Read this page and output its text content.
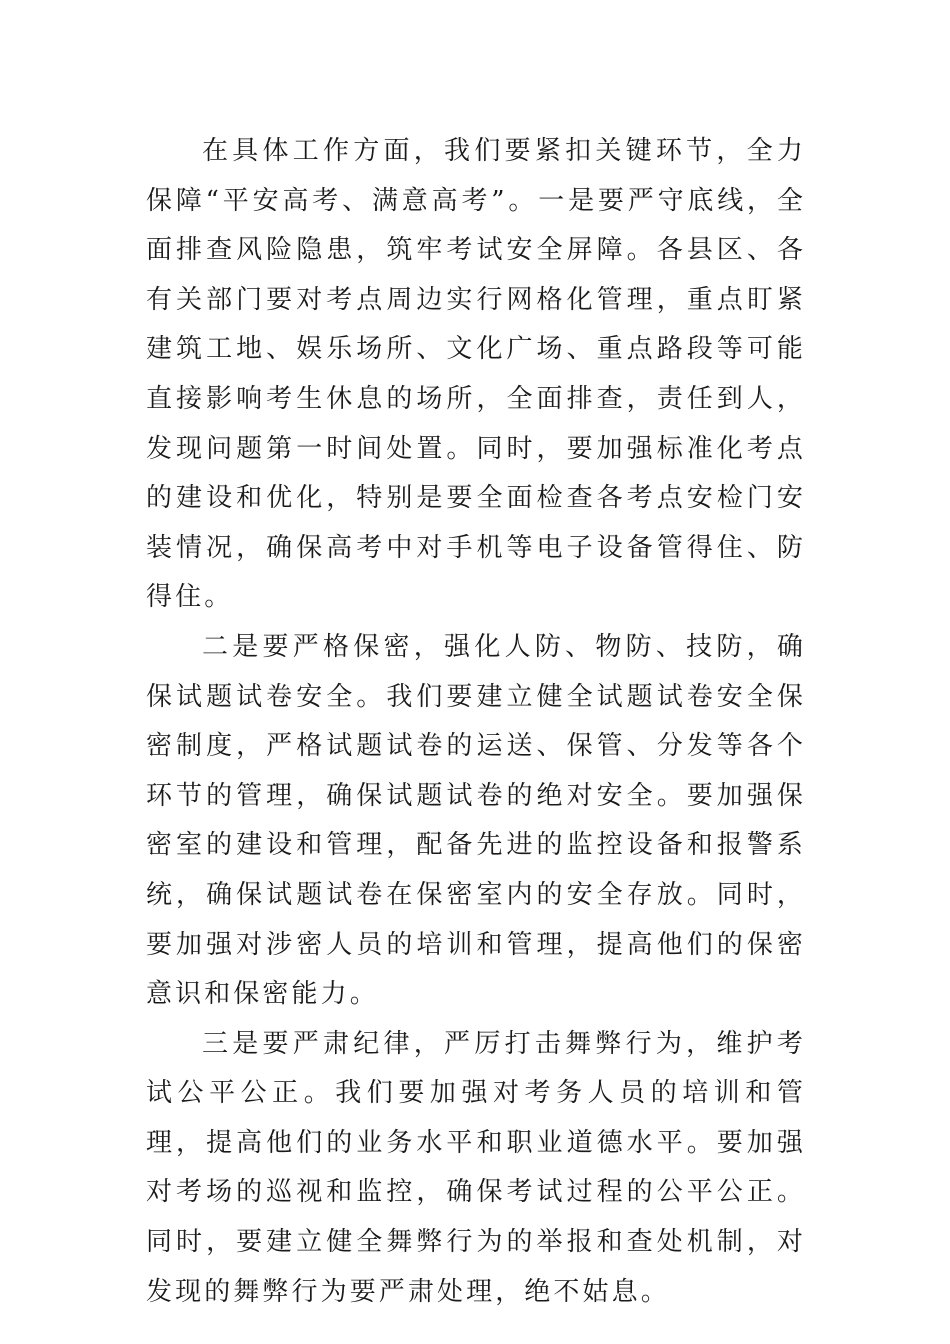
在具体工作方面，我们要紧扣关键环节，全力保障“平安高考、满意高考”。一是要严守底线，全面排查风险隐患，筑牢考试安全屏障。各县区、各有关部门要对考点周边实行网格化管理，重点盯紧建筑工地、娱乐场所、文化广场、重点路段等可能直接影响考生休息的场所，全面排查，责任到人，发现问题第一时间处置。同时，要加强标准化考点的建设和优化，特别是要全面检查各考点安检门安装情况，确保高考中对手机等电子设备管得住、防得住。

二是要严格保密，强化人防、物防、技防，确保试题试卷安全。我们要建立健全试题试卷安全保密制度，严格试题试卷的运送、保管、分发等各个环节的管理，确保试题试卷的绝对安全。要加强保密室的建设和管理，配备先进的监控设备和报警系统，确保试题试卷在保密室内的安全存放。同时，要加强对涉密人员的培训和管理，提高他们的保密意识和保密能力。

三是要严肃纪律，严厉打击舞弊行为，维护考试公平公正。我们要加强对考务人员的培训和管理，提高他们的业务水平和职业道德水平。要加强对考场的巡视和监控，确保考试过程的公平公正。同时，要建立健全舞弊行为的举报和查处机制，对发现的舞弊行为要严肃处理，绝不姑息。
